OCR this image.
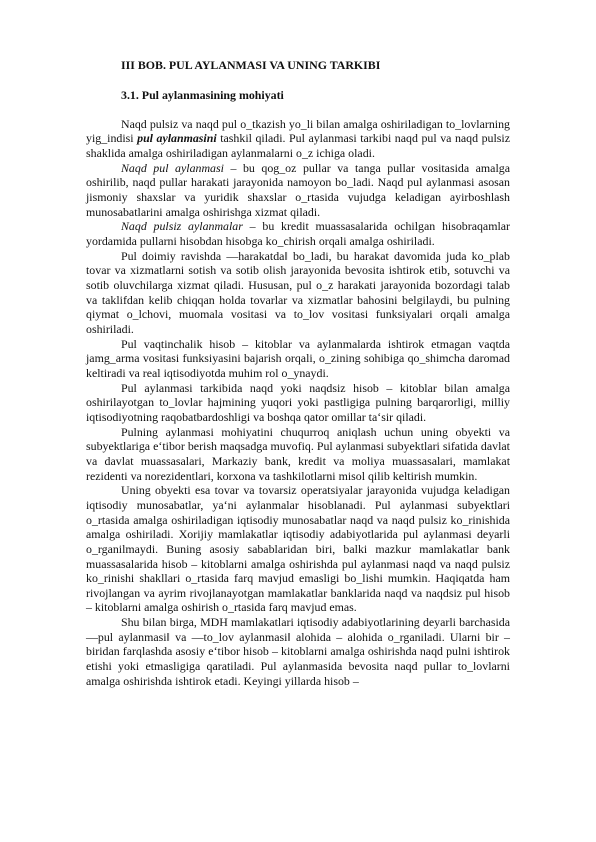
III BOB. PUL AYLANMASI VA UNING TARKIBI

3.1. Pul aylanmasining mohiyati

Naqd pulsiz va naqd pul o_tkazish yo_li bilan amalga oshiriladigan to_lovlarning yig_indisi pul aylanmasini tashkil qiladi. Pul aylanmasi tarkibi naqd pul va naqd pulsiz shaklida amalga oshiriladigan aylanmalarni o_z ichiga oladi.

Naqd pul aylanmasi – bu qog_oz pullar va tanga pullar vositasida amalga oshirilib, naqd pullar harakati jarayonida namoyon bo_ladi. Naqd pul aylanmasi asosan jismoniy shaxslar va yuridik shaxslar o_rtasida vujudga keladigan ayirboshlash munosabatlarini amalga oshirishga xizmat qiladi.

Naqd pulsiz aylanmalar – bu kredit muassasalarida ochilgan hisobraqamlar yordamida pullarni hisobdan hisobga ko_chirish orqali amalga oshiriladi.

Pul doimiy ravishda ―harakatda‖ bo_ladi, bu harakat davomida juda ko_plab tovar va xizmatlarni sotish va sotib olish jarayonida bevosita ishtirok etib, sotuvchi va sotib oluvchilarga xizmat qiladi. Hususan, pul o_z harakati jarayonida bozordagi talab va taklifdan kelib chiqqan holda tovarlar va xizmatlar bahosini belgilaydi, bu pulning qiymat o_lchovi, muomala vositasi va to_lov vositasi funksiyalari orqali amalga oshiriladi.

Pul vaqtinchalik hisob – kitoblar va aylanmalarda ishtirok etmagan vaqtda jamg_arma vositasi funksiyasini bajarish orqali, o_zining sohibiga qo_shimcha daromad keltiradi va real iqtisodiyotda muhim rol o_ynaydi.

Pul aylanmasi tarkibida naqd yoki naqdsiz hisob – kitoblar bilan amalga oshirilayotgan to_lovlar hajmining yuqori yoki pastligiga pulning barqarorligi, milliy iqtisodiyotning raqobatbardoshligi va boshqa qator omillar ta‘sir qiladi.

Pulning aylanmasi mohiyatini chuqurroq aniqlash uchun uning obyekti va subyektlariga e‘tibor berish maqsadga muvofiq. Pul aylanmasi subyektlari sifatida davlat va davlat muassasalari, Markaziy bank, kredit va moliya muassasalari, mamlakat rezidenti va norezidentlari, korxona va tashkilotlarni misol qilib keltirish mumkin.

Uning obyekti esa tovar va tovarsiz operatsiyalar jarayonida vujudga keladigan iqtisodiy munosabatlar, ya‘ni aylanmalar hisoblanadi. Pul aylanmasi subyektlari o_rtasida amalga oshiriladigan iqtisodiy munosabatlar naqd va naqd pulsiz ko_rinishida amalga oshiriladi. Xorijiy mamlakatlar iqtisodiy adabiyotlarida pul aylanmasi deyarli o_rganilmaydi. Buning asosiy sabablaridan biri, balki mazkur mamlakatlar bank muassasalarida hisob – kitoblarni amalga oshirishda pul aylanmasi naqd va naqd pulsiz ko_rinishi shakllari o_rtasida farq mavjud emasligi bo_lishi mumkin. Haqiqatda ham rivojlangan va ayrim rivojlanayotgan mamlakatlar banklarida naqd va naqdsiz pul hisob – kitoblarni amalga oshirish o_rtasida farq mavjud emas.

Shu bilan birga, MDH mamlakatlari iqtisodiy adabiyotlarining deyarli barchasida ―pul aylanmasi‖ va ―to_lov aylanmasi‖ alohida – alohida o_rganiladi. Ularni bir – biridan farqlashda asosiy e‘tibor hisob – kitoblarni amalga oshirishda naqd pulni ishtirok etishi yoki etmasligiga qaratiladi. Pul aylanmasida bevosita naqd pullar to_lovlarni amalga oshirishda ishtirok etadi. Keyingi yillarda hisob –
